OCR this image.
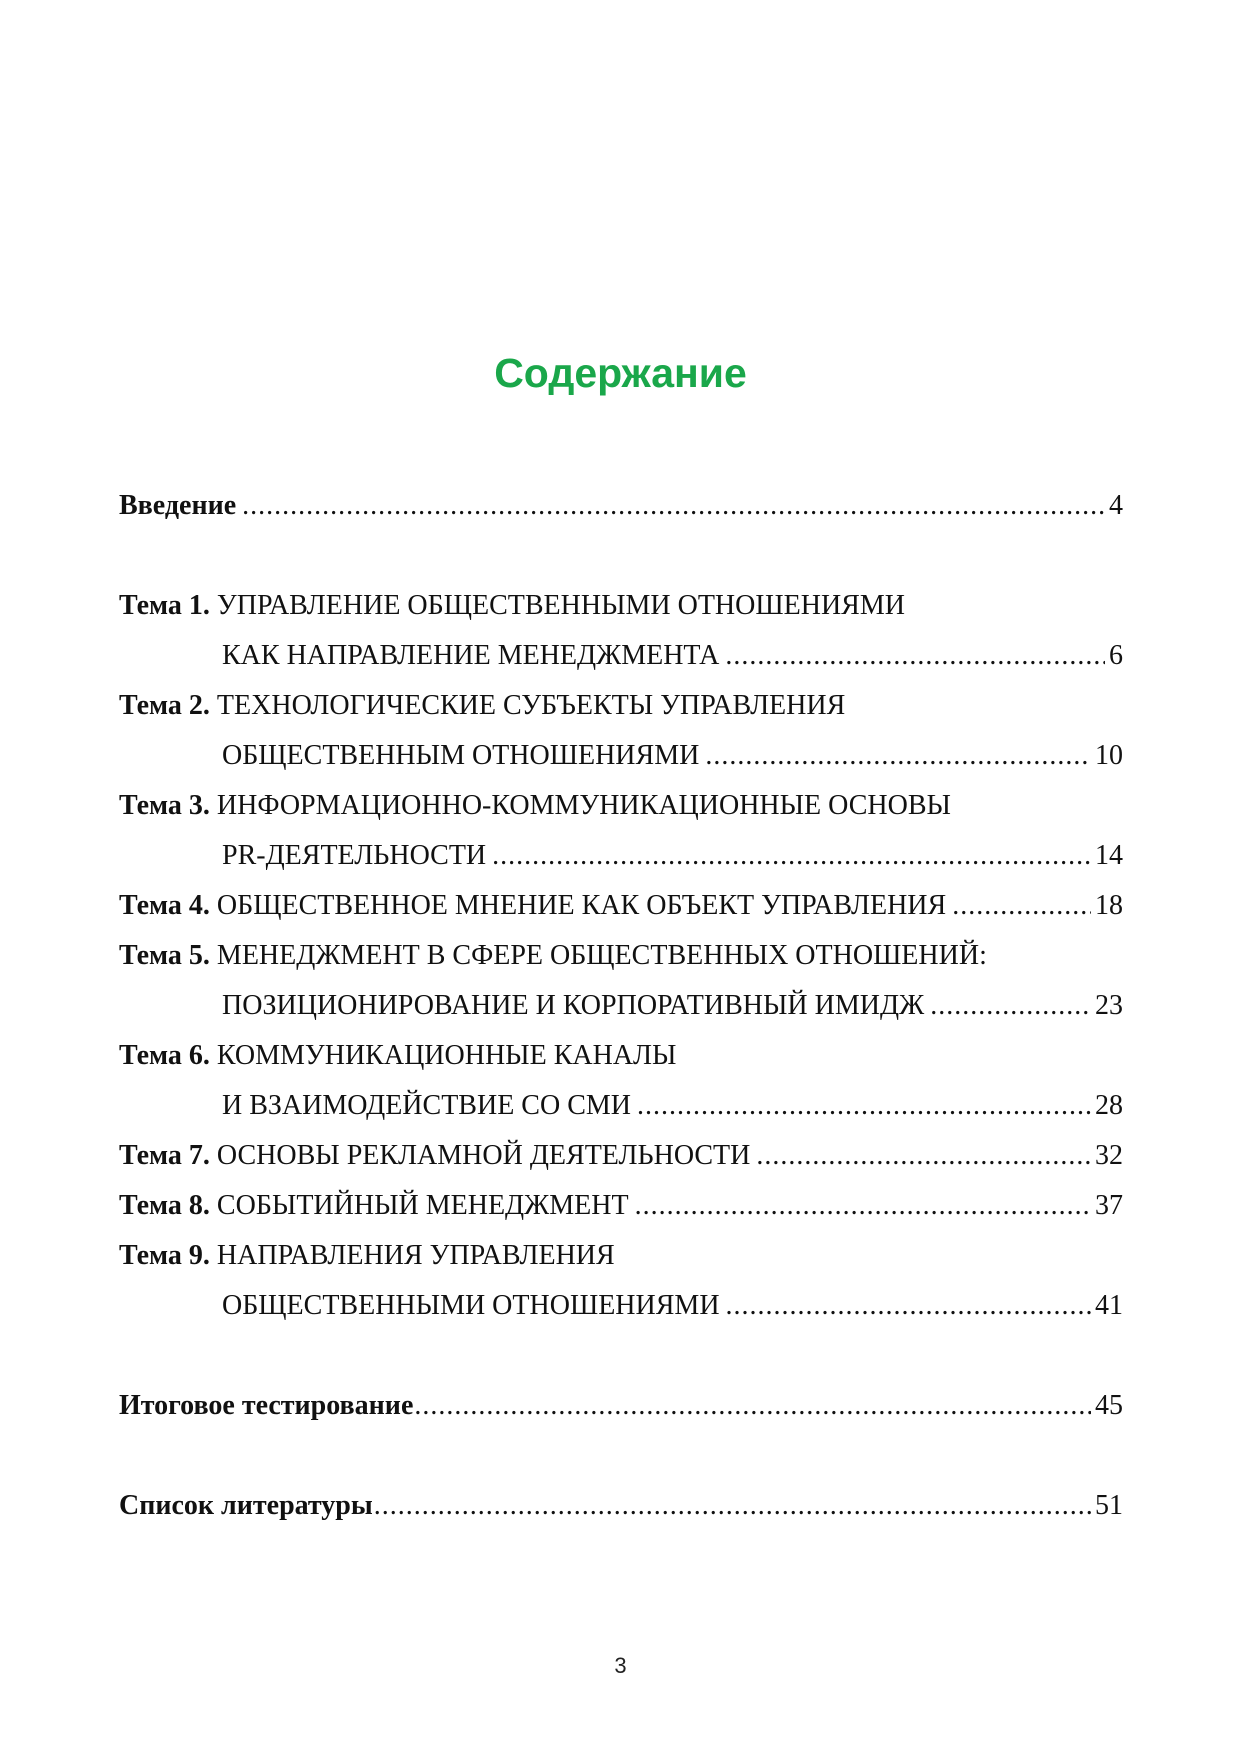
Содержание
Введение .....	4
Тема 1. УПРАВЛЕНИЕ ОБЩЕСТВЕННЫМИ ОТНОШЕНИЯМИ
КАК НАПРАВЛЕНИЕ МЕНЕДЖМЕНТА .....	6
Тема 2. ТЕХНОЛОГИЧЕСКИЕ СУБЪЕКТЫ УПРАВЛЕНИЯ
ОБЩЕСТВЕННЫМ ОТНОШЕНИЯМИ .....	10
Тема 3. ИНФОРМАЦИОННО-КОММУНИКАЦИОННЫЕ ОСНОВЫ
PR-ДЕЯТЕЛЬНОСТИ .....	14
Тема 4. ОБЩЕСТВЕННОЕ МНЕНИЕ КАК ОБЪЕКТ УПРАВЛЕНИЯ .....	18
Тема 5. МЕНЕДЖМЕНТ В СФЕРЕ ОБЩЕСТВЕННЫХ ОТНОШЕНИЙ:
ПОЗИЦИОНИРОВАНИЕ И КОРПОРАТИВНЫЙ ИМИДЖ .....	23
Тема 6. КОММУНИКАЦИОННЫЕ КАНАЛЫ
И ВЗАИМОДЕЙСТВИЕ СО СМИ .....	28
Тема 7. ОСНОВЫ РЕКЛАМНОЙ ДЕЯТЕЛЬНОСТИ .....	32
Тема 8. СОБЫТИЙНЫЙ МЕНЕДЖМЕНТ .....	37
Тема 9. НАПРАВЛЕНИЯ УПРАВЛЕНИЯ
ОБЩЕСТВЕННЫМИ ОТНОШЕНИЯМИ .....	41
Итоговое тестирование .....	45
Список литературы .....	51
3
